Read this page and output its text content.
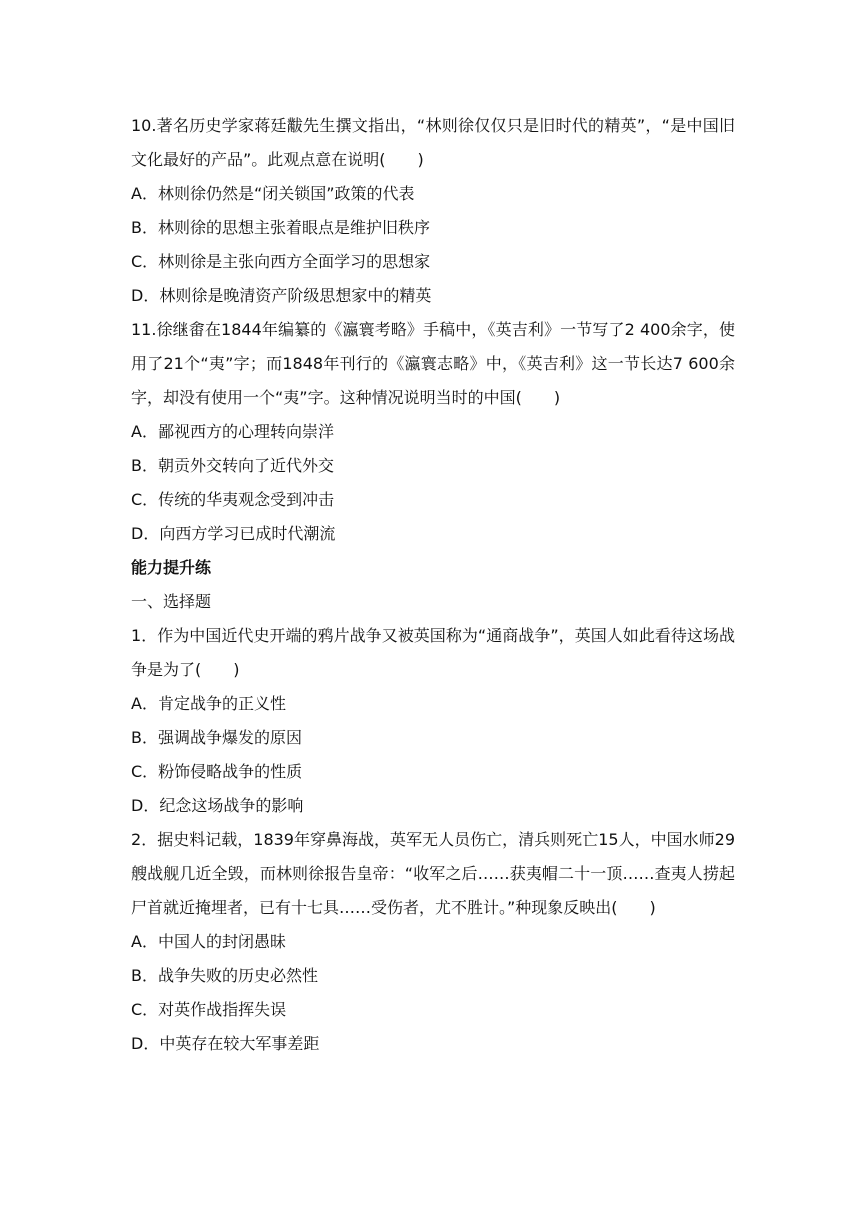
10.著名历史学家蒋廷黻先生撰文指出，“林则徐仅仅只是旧时代的精英”，“是中国旧文化最好的产品”。此观点意在说明(　　)
A．林则徐仍然是“闭关锁国”政策的代表
B．林则徐的思想主张着眼点是维护旧秩序
C．林则徐是主张向西方全面学习的思想家
D．林则徐是晚清资产阶级思想家中的精英
11.徐继畬在1844年编纂的《瀛寰考略》手稿中，《英吉利》一节写了2 400余字，使用了21个“夷”字；而1848年刊行的《瀛寰志略》中，《英吉利》这一节长达7 600余字，却没有使用一个“夷”字。这种情况说明当时的中国(　　)
A．鄙视西方的心理转向崇洋
B．朝贡外交转向了近代外交
C．传统的华夷观念受到冲击
D．向西方学习已成时代潮流
能力提升练
一、选择题
1．作为中国近代史开端的鸦片战争又被英国称为“通商战争”，英国人如此看待这场战争是为了(　　)
A．肯定战争的正义性
B．强调战争爆发的原因
C．粉饰侵略战争的性质
D．纪念这场战争的影响
2．据史料记载，1839年穿鼻海战，英军无人员伤亡，清兵则死亡15人，中国水师29艘战舰几近全毁，而林则徐报告皇帝：“收军之后……获夷帽二十一顶……查夷人捞起尸首就近掩埋者，已有十七具……受伤者，尤不胜计。”种现象反映出(　　)
A．中国人的封闭愚昧
B．战争失败的历史必然性
C．对英作战指挥失误
D．中英存在较大军事差距
